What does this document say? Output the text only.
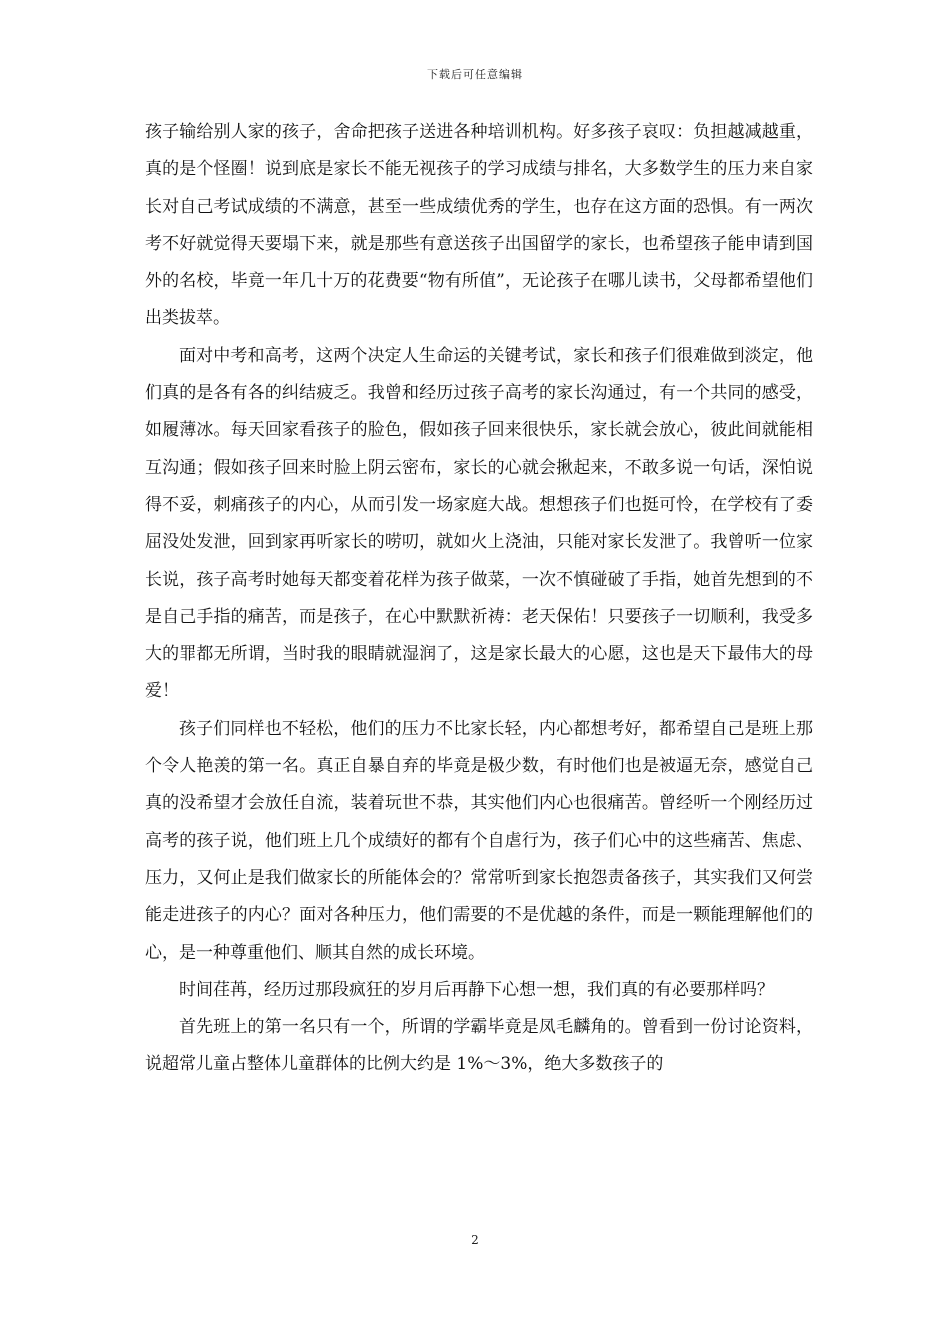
下载后可任意编辑

孩子输给别人家的孩子，舍命把孩子送进各种培训机构。好多孩子哀叹：负担越减越重，真的是个怪圈！说到底是家长不能无视孩子的学习成绩与排名，大多数学生的压力来自家长对自己考试成绩的不满意，甚至一些成绩优秀的学生，也存在这方面的恐惧。有一两次考不好就觉得天要塌下来，就是那些有意送孩子出国留学的家长，也希望孩子能申请到国外的名校，毕竟一年几十万的花费要“物有所值”，无论孩子在哪儿读书，父母都希望他们出类拔萃。

面对中考和高考，这两个决定人生命运的关键考试，家长和孩子们很难做到淡定，他们真的是各有各的纠结疲乏。我曾和经历过孩子高考的家长沟通过，有一个共同的感受，如履薄冰。每天回家看孩子的脸色，假如孩子回来很快乐，家长就会放心，彼此间就能相互沟通；假如孩子回来时脸上阴云密布，家长的心就会揪起来，不敢多说一句话，深怕说得不妥，刺痛孩子的内心，从而引发一场家庭大战。想想孩子们也挺可怜，在学校有了委屈没处发泄，回到家再听家长的唠叨，就如火上浇油，只能对家长发泄了。我曾听一位家长说，孩子高考时她每天都变着花样为孩子做菜，一次不慎碰破了手指，她首先想到的不是自己手指的痛苦，而是孩子，在心中默默祈祷：老天保佑！只要孩子一切顺利，我受多大的罪都无所谓，当时我的眼睛就湿润了，这是家长最大的心愿，这也是天下最伟大的母爱！

孩子们同样也不轻松，他们的压力不比家长轻，内心都想考好，都希望自己是班上那个令人艳羡的第一名。真正自暴自弃的毕竟是极少数，有时他们也是被逼无奈，感觉自己真的没希望才会放任自流，装着玩世不恭，其实他们内心也很痛苦。曾经听一个刚经历过高考的孩子说，他们班上几个成绩好的都有个自虐行为，孩子们心中的这些痛苦、焦虑、压力，又何止是我们做家长的所能体会的？常常听到家长抱怨责备孩子，其实我们又何尝能走进孩子的内心？面对各种压力，他们需要的不是优越的条件，而是一颗能理解他们的心，是一种尊重他们、顺其自然的成长环境。

时间荏苒，经历过那段疯狂的岁月后再静下心想一想，我们真的有必要那样吗？

首先班上的第一名只有一个，所谓的学霸毕竟是凤毛麟角的。曾看到一份讨论资料，说超常儿童占整体儿童群体的比例大约是 1%～3%，绝大多数孩子的

2
